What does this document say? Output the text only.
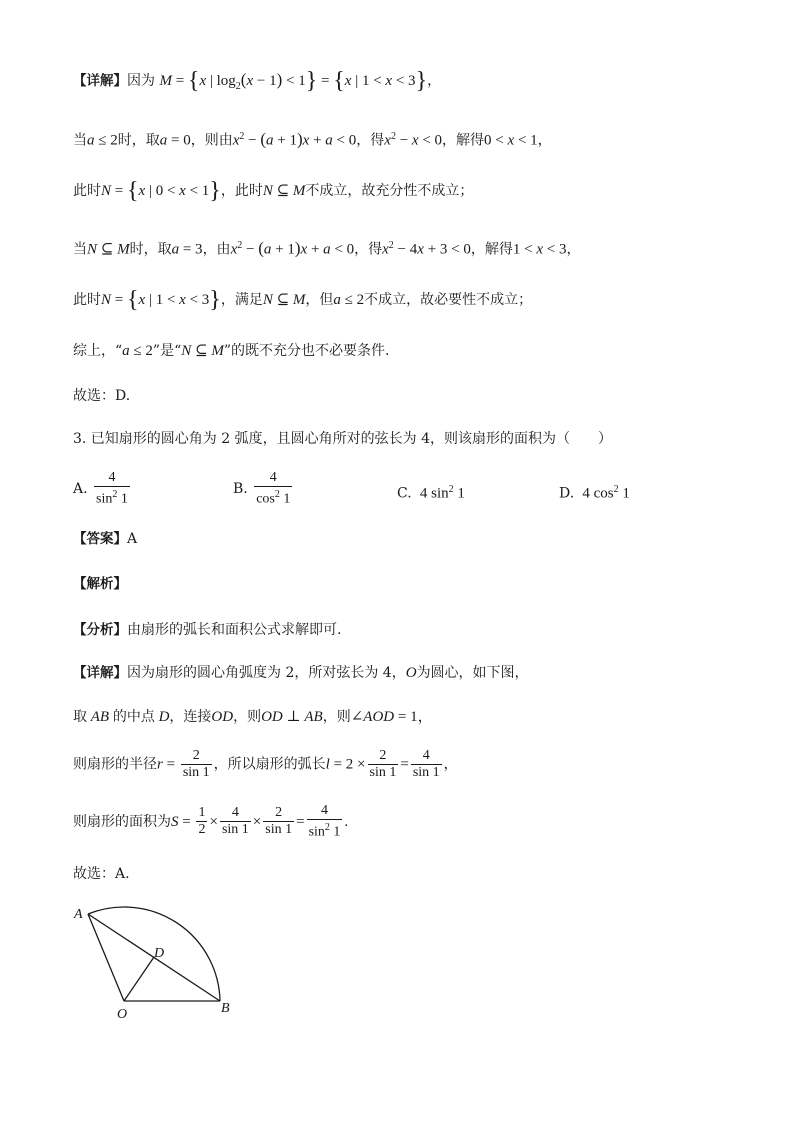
【详解】因为 M = {x | $\log_2(x - 1) < 1\} = \{x$ | 1 < x < 3}，
当a ≤ 2时，取a = 0，则由$x^2 - (a + 1)x + a < 0$，得$x^2 - x < 0$，解得0 < x < 1，
此时N = {x | 0 < x < 1}，此时N ⊆ M不成立，故充分性不成立；
当N ⊆ M时，取a = 3，由$x^2 - (a + 1)x + a < 0$，得$x^2 - 4x + 3 < 0$，解得1 < x < 3，
此时N = {x | 1 < x < 3}，满足N ⊆ M，但a ≤ 2不成立，故必要性不成立；
综上，“a ≤ 2”是“N ⊆ M”的既不充分也不必要条件.
故选：D.
3. 已知扇形的圆心角为 2 弧度，且圆心角所对的弦长为 4，则该扇形的面积为（　　）
A. $\frac{4}{\sin^2 1}$	B. $\frac{4}{\cos^2 1}$	C.  4 $\sin^2 1$	D.  4 $\cos^2 1$
【答案】A
【解析】
【分析】由扇形的弧长和面积公式求解即可.
【详解】因为扇形的圆心角弧度为 2，所对弦长为 4，O为圆心，如下图，
取 AB 的中点 D，连接OD，则OD ⊥ AB，则∠AOD = 1，
则扇形的半径$r = \frac{2}{\sin 1}$ ，所以扇形的弧长$l = 2 \times \frac{2}{\sin 1} = \frac{4}{\sin 1}$ ，
则扇形的面积为$S = \frac{1}{2} \times \frac{4}{\sin 1} \times \frac{2}{\sin 1} = \frac{4}{\sin^2 1}$ .
故选：A.
A
D
O	B
